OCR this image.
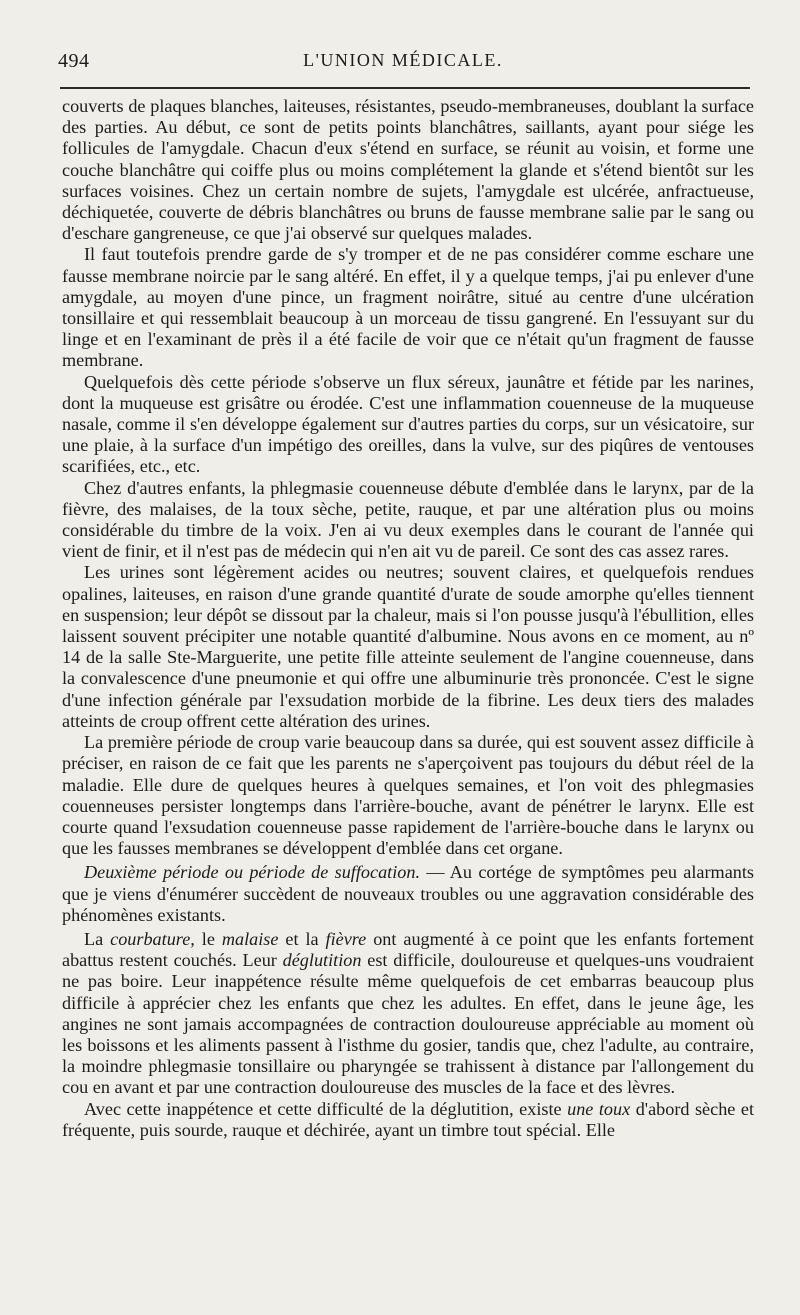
494	L'UNION MÉDICALE.

couverts de plaques blanches, laiteuses, résistantes, pseudo-membraneuses, doublant la surface des parties. Au début, ce sont de petits points blanchâtres, saillants, ayant pour siége les follicules de l'amygdale. Chacun d'eux s'étend en surface, se réunit au voisin, et forme une couche blanchâtre qui coiffe plus ou moins complétement la glande et s'étend bientôt sur les surfaces voisines. Chez un certain nombre de sujets, l'amygdale est ulcérée, anfractueuse, déchiquetée, couverte de débris blanchâtres ou bruns de fausse membrane salie par le sang ou d'eschare gangreneuse, ce que j'ai observé sur quelques malades.

Il faut toutefois prendre garde de s'y tromper et de ne pas considérer comme eschare une fausse membrane noircie par le sang altéré. En effet, il y a quelque temps, j'ai pu enlever d'une amygdale, au moyen d'une pince, un fragment noirâtre, situé au centre d'une ulcération tonsillaire et qui ressemblait beaucoup à un morceau de tissu gangrené. En l'essuyant sur du linge et en l'examinant de près il a été facile de voir que ce n'était qu'un fragment de fausse membrane.

Quelquefois dès cette période s'observe un flux séreux, jaunâtre et fétide par les narines, dont la muqueuse est grisâtre ou érodée. C'est une inflammation couenneuse de la muqueuse nasale, comme il s'en développe également sur d'autres parties du corps, sur un vésicatoire, sur une plaie, à la surface d'un impétigo des oreilles, dans la vulve, sur des piqûres de ventouses scarifiées, etc., etc.

Chez d'autres enfants, la phlegmasie couenneuse débute d'emblée dans le larynx, par de la fièvre, des malaises, de la toux sèche, petite, rauque, et par une altération plus ou moins considérable du timbre de la voix. J'en ai vu deux exemples dans le courant de l'année qui vient de finir, et il n'est pas de médecin qui n'en ait vu de pareil. Ce sont des cas assez rares.

Les urines sont légèrement acides ou neutres; souvent claires, et quelquefois rendues opalines, laiteuses, en raison d'une grande quantité d'urate de soude amorphe qu'elles tiennent en suspension; leur dépôt se dissout par la chaleur, mais si l'on pousse jusqu'à l'ébullition, elles laissent souvent précipiter une notable quantité d'albumine. Nous avons en ce moment, au nº 14 de la salle Ste-Marguerite, une petite fille atteinte seulement de l'angine couenneuse, dans la convalescence d'une pneumonie et qui offre une albuminurie très prononcée. C'est le signe d'une infection générale par l'exsudation morbide de la fibrine. Les deux tiers des malades atteints de croup offrent cette altération des urines.

La première période de croup varie beaucoup dans sa durée, qui est souvent assez difficile à préciser, en raison de ce fait que les parents ne s'aperçoivent pas toujours du début réel de la maladie. Elle dure de quelques heures à quelques semaines, et l'on voit des phlegmasies couenneuses persister longtemps dans l'arrière-bouche, avant de pénétrer le larynx. Elle est courte quand l'exsudation couenneuse passe rapidement de l'arrière-bouche dans le larynx ou que les fausses membranes se développent d'emblée dans cet organe.

Deuxième période ou période de suffocation. — Au cortége de symptômes peu alarmants que je viens d'énumérer succèdent de nouveaux troubles ou une aggravation considérable des phénomènes existants.

La courbature, le malaise et la fièvre ont augmenté à ce point que les enfants fortement abattus restent couchés. Leur déglutition est difficile, douloureuse et quelques-uns voudraient ne pas boire. Leur inappétence résulte même quelquefois de cet embarras beaucoup plus difficile à apprécier chez les enfants que chez les adultes. En effet, dans le jeune âge, les angines ne sont jamais accompagnées de contraction douloureuse appréciable au moment où les boissons et les aliments passent à l'isthme du gosier, tandis que, chez l'adulte, au contraire, la moindre phlegmasie tonsillaire ou pharyngée se trahissent à distance par l'allongement du cou en avant et par une contraction douloureuse des muscles de la face et des lèvres.

Avec cette inappétence et cette difficulté de la déglutition, existe une toux d'abord sèche et fréquente, puis sourde, rauque et déchirée, ayant un timbre tout spécial. Elle
